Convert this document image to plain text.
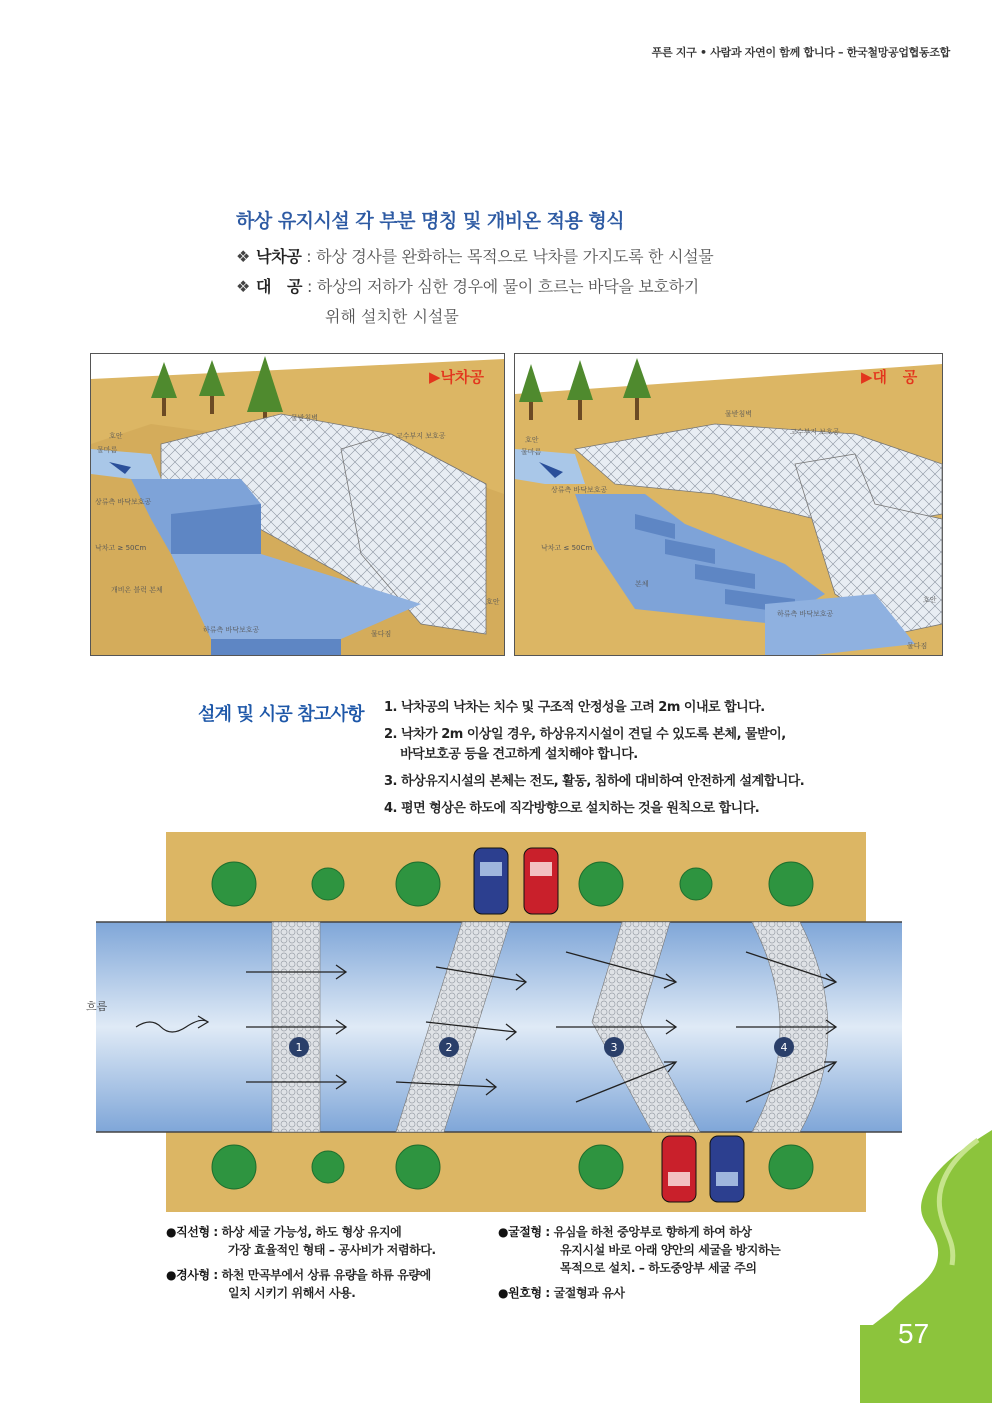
푸른 지구 • 사람과 자연이 함께 합니다 – 한국철망공업협동조합
하상 유지시설 각 부분 명칭 및 개비온 적용 형식
❖ 낙차공 : 하상 경사를 완화하는 목적으로 낙차를 가지도록 한 시설물
❖ 대   공 : 하상의 저하가 심한 경우에 물이 흐르는 바닥을 보호하기
위해 설치한 시설물
▶낙차공
물받침벽
고수부지 보호공
호안
물마름
상류측 바닥보호공
낙차고 ≥ 50Cm
개비온 블럭 본체
하류측 바닥보호공	물다짐
호안
▶대   공
물받침벽
고수부지 보호공
호안
물마름
상류측 바닥보호공
낙차고 ≤ 50Cm
본체
하류측 바닥보호공
물다짐
호안
설계 및 시공 참고사항 1. 낙차공의 낙차는 치수 및 구조적 안정성을 고려 2m 이내로 합니다.
2. 낙차가 2m 이상일 경우, 하상유지시설이 견딜 수 있도록 본체, 물받이,
바닥보호공 등을 견고하게 설치해야 합니다.
3. 하상유지시설의 본체는 전도, 활동, 침하에 대비하여 안전하게 설계합니다.
4. 평면 형상은 하도에 직각방향으로 설치하는 것을 원칙으로 합니다.
흐름
1	2	3	4
●직선형 : 하상 세굴 가능성, 하도 형상 유지에
가장 효율적인 형태 – 공사비가 저렴하다.
●경사형 : 하천 만곡부에서 상류 유량을 하류 유량에
일치 시키기 위해서 사용.
●굴절형 : 유심을 하천 중앙부로 향하게 하여 하상
유지시설 바로 아래 양안의 세굴을 방지하는
목적으로 설치. – 하도중앙부 세굴 주의
●원호형 : 굴절형과 유사
57
